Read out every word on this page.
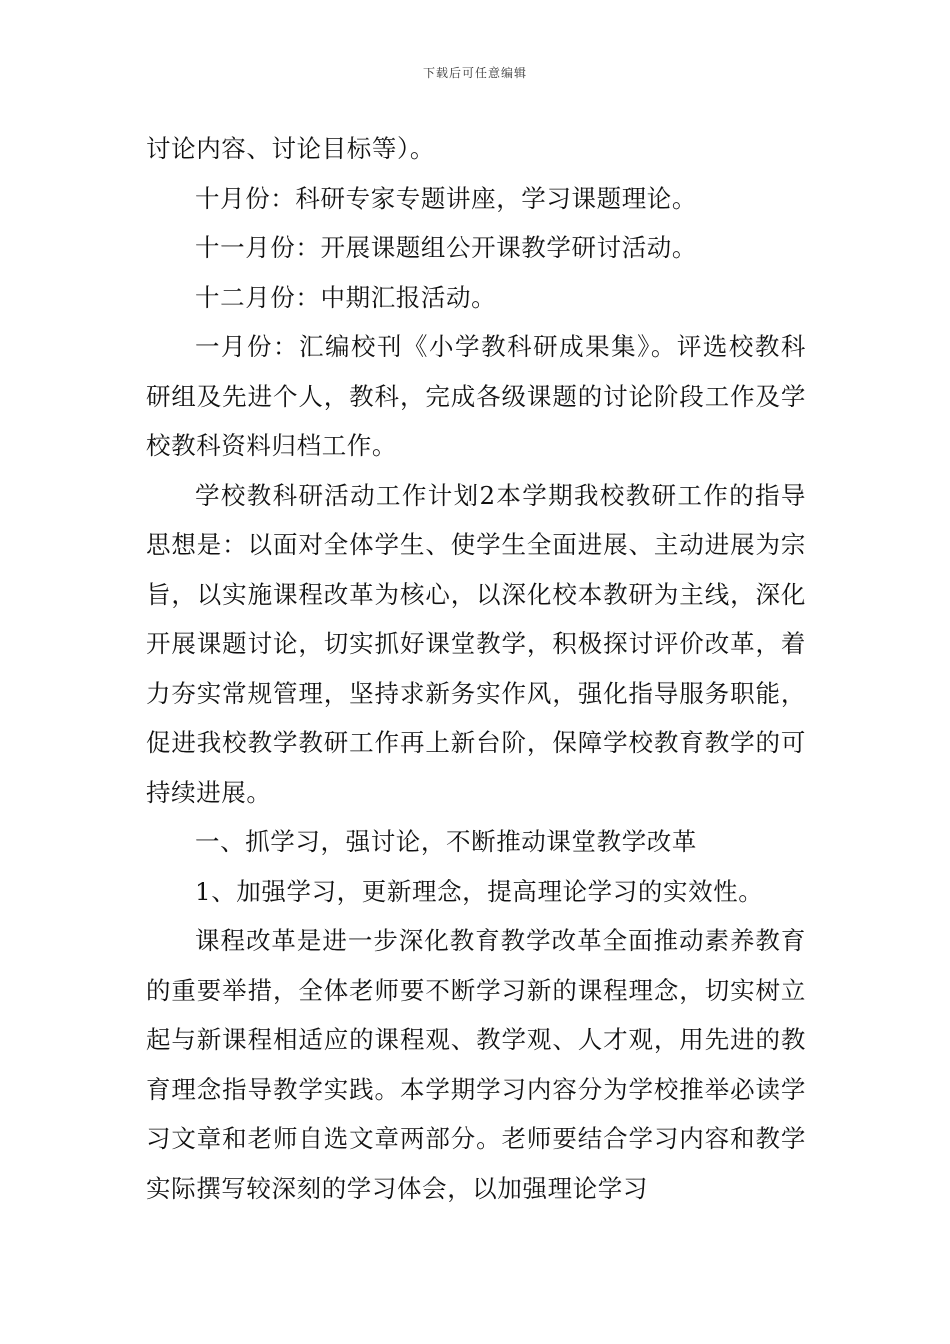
下载后可任意编辑

讨论内容、讨论目标等）。

十月份：科研专家专题讲座，学习课题理论。

十一月份：开展课题组公开课教学研讨活动。

十二月份：中期汇报活动。

一月份：汇编校刊《小学教科研成果集》。评选校教科研组及先进个人，教科，完成各级课题的讨论阶段工作及学校教科资料归档工作。

学校教科研活动工作计划2本学期我校教研工作的指导思想是：以面对全体学生、使学生全面进展、主动进展为宗旨，以实施课程改革为核心，以深化校本教研为主线，深化开展课题讨论，切实抓好课堂教学，积极探讨评价改革，着力夯实常规管理，坚持求新务实作风，强化指导服务职能，促进我校教学教研工作再上新台阶，保障学校教育教学的可持续进展。

一、抓学习，强讨论，不断推动课堂教学改革

1、加强学习，更新理念，提高理论学习的实效性。

课程改革是进一步深化教育教学改革全面推动素养教育的重要举措，全体老师要不断学习新的课程理念，切实树立起与新课程相适应的课程观、教学观、人才观，用先进的教育理念指导教学实践。本学期学习内容分为学校推举必读学习文章和老师自选文章两部分。老师要结合学习内容和教学实际撰写较深刻的学习体会，以加强理论学习
